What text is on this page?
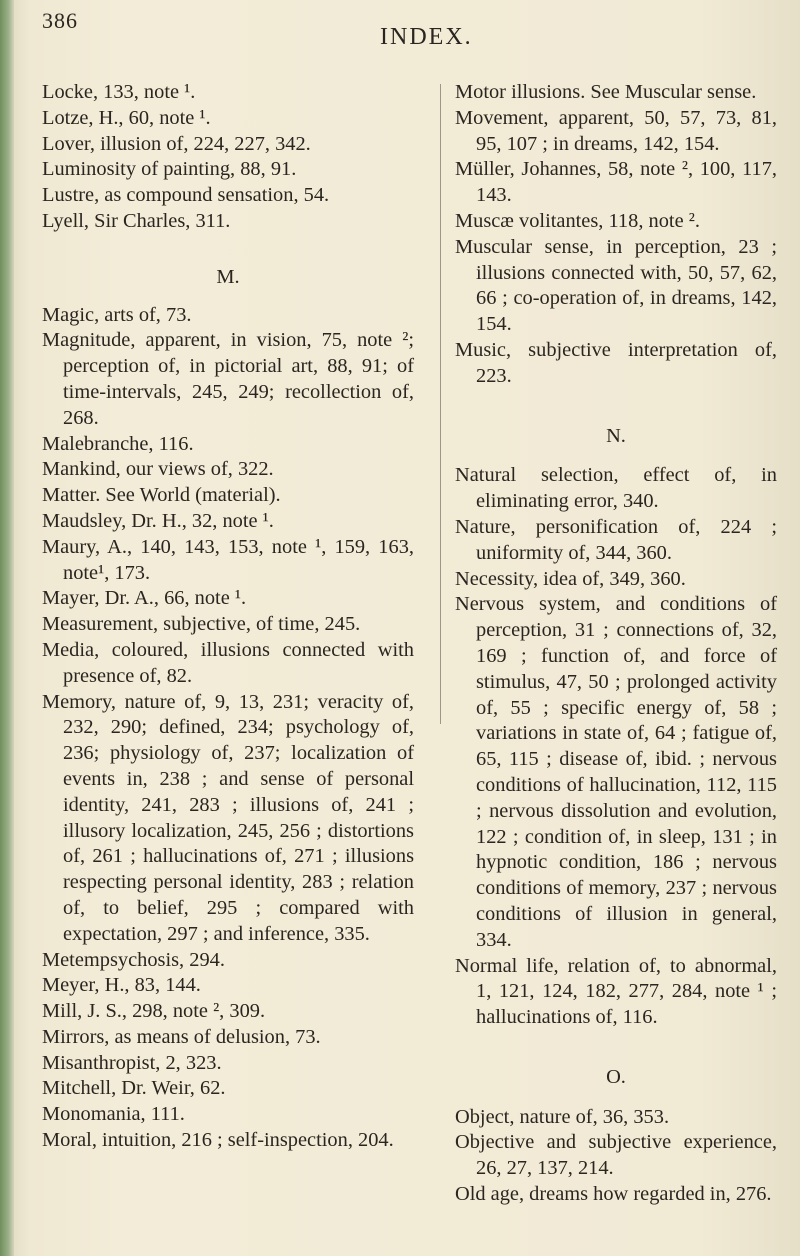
386
INDEX.

Locke, 133, note ¹.

Lotze, H., 60, note ¹.

Lover, illusion of, 224, 227, 342.

Luminosity of painting, 88, 91.

Lustre, as compound sensation, 54.

Lyell, Sir Charles, 311.

M.

Magic, arts of, 73.

Magnitude, apparent, in vision, 75, note ²; perception of, in pictorial art, 88, 91; of time-intervals, 245, 249; recollection of, 268.

Malebranche, 116.

Mankind, our views of, 322.

Matter. See World (material).

Maudsley, Dr. H., 32, note ¹.

Maury, A., 140, 143, 153, note ¹, 159, 163, note¹, 173.

Mayer, Dr. A., 66, note ¹.

Measurement, subjective, of time, 245.

Media, coloured, illusions connected with presence of, 82.

Memory, nature of, 9, 13, 231; veracity of, 232, 290; defined, 234; psychology of, 236; physiology of, 237; localization of events in, 238 ; and sense of personal identity, 241, 283 ; illusions of, 241 ; illusory localization, 245, 256 ; distortions of, 261 ; hallucinations of, 271 ; illusions respecting personal identity, 283 ; relation of, to belief, 295 ; compared with expectation, 297 ; and inference, 335.

Metempsychosis, 294.

Meyer, H., 83, 144.

Mill, J. S., 298, note ², 309.

Mirrors, as means of delusion, 73.

Misanthropist, 2, 323.

Mitchell, Dr. Weir, 62.

Monomania, 111.

Moral, intuition, 216 ; self-inspection, 204.

Motor illusions. See Muscular sense.

Movement, apparent, 50, 57, 73, 81, 95, 107 ; in dreams, 142, 154.

Müller, Johannes, 58, note ², 100, 117, 143.

Muscæ volitantes, 118, note ².

Muscular sense, in perception, 23 ; illusions connected with, 50, 57, 62, 66 ; co-operation of, in dreams, 142, 154.

Music, subjective interpretation of, 223.

N.

Natural selection, effect of, in eliminating error, 340.

Nature, personification of, 224 ; uniformity of, 344, 360.

Necessity, idea of, 349, 360.

Nervous system, and conditions of perception, 31 ; connections of, 32, 169 ; function of, and force of stimulus, 47, 50 ; prolonged activity of, 55 ; specific energy of, 58 ; variations in state of, 64 ; fatigue of, 65, 115 ; disease of, ibid. ; nervous conditions of hallucination, 112, 115 ; nervous dissolution and evolution, 122 ; condition of, in sleep, 131 ; in hypnotic condition, 186 ; nervous conditions of memory, 237 ; nervous conditions of illusion in general, 334.

Normal life, relation of, to abnormal, 1, 121, 124, 182, 277, 284, note ¹ ; hallucinations of, 116.

O.

Object, nature of, 36, 353.

Objective and subjective experience, 26, 27, 137, 214.

Old age, dreams how regarded in, 276.
